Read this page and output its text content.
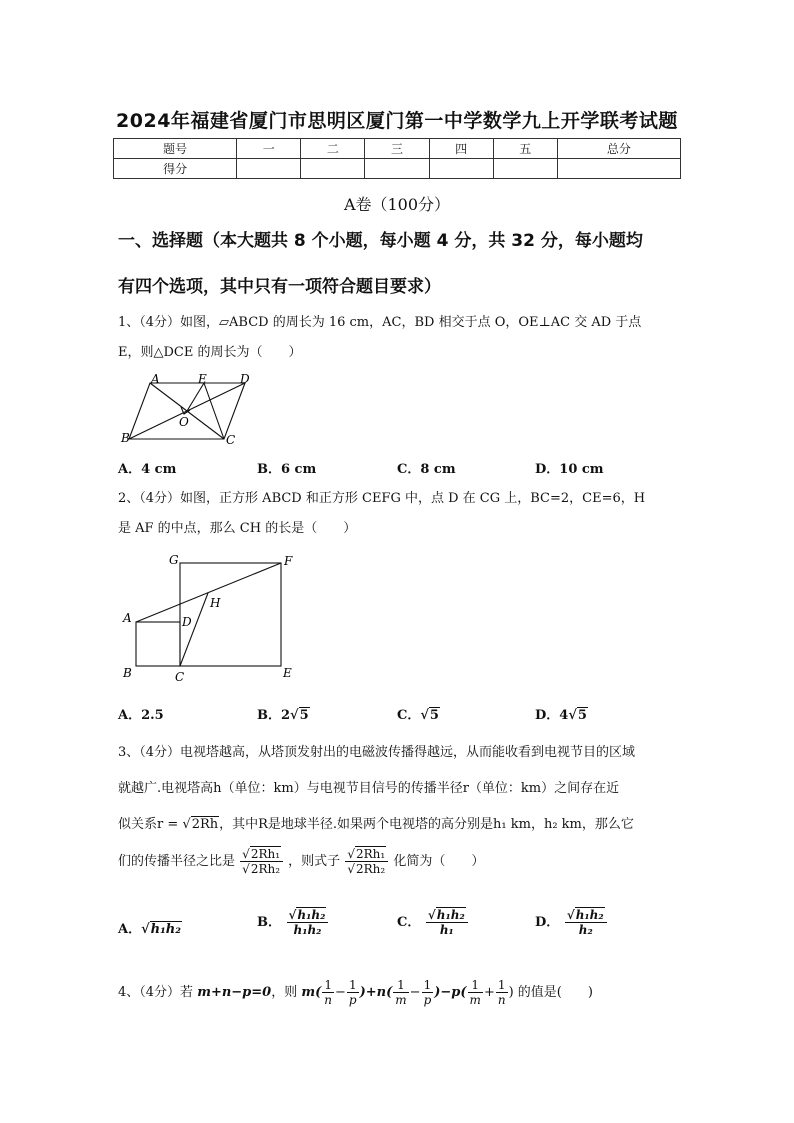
2024年福建省厦门市思明区厦门第一中学数学九上开学联考试题
题号	一	二	三	四	五	总分
得分						
A卷（100分）
一、选择题（本大题共 8 个小题，每小题 4 分，共 32 分，每小题均
有四个选项，其中只有一项符合题目要求）
1、（4分）如图，▱ABCD 的周长为 16 cm，AC，BD 相交于点 O，OE⊥AC 交 AD 于点
E，则△DCE 的周长为（　　）
A	E	D
B
O
C
A．4 cm	B．6 cm	C．8 cm	D．10 cm
2、（4分）如图，正方形 ABCD 和正方形 CEFG 中，点 D 在 CG 上，BC=2，CE=6，H
是 AF 的中点，那么 CH 的长是（　　）
G	F
H
A	D
B	C	E
A．2.5	B．2√5	C．√5	D．4√5
3、（4分）电视塔越高，从塔顶发射出的电磁波传播得越远，从而能收看到电视节目的区域
就越广.电视塔高h（单位：km）与电视节目信号的传播半径r（单位：km）之间存在近
似关系r = √2Rh，其中R是地球半径.如果两个电视塔的高分别是h₁ km，h₂ km，那么它
们的传播半径之比是 $\frac{\text{√2Rh₁}}{\text{√2Rh₂}}$ ，则式子 $\frac{\text{√2Rh₁}}{\text{√2Rh₂}}$ 化简为（　　）
A．√h₁h₂	B． $\frac{\text{√h₁h₂}}{\text{h₁h₂}}$	C． $\frac{\text{√h₁h₂}}{\text{h₁}}$	D． $\frac{\text{√h₁h₂}}{\text{h₂}}$
4、（4分）若 m+n−p=0，则 $m( \frac{1}{n} - \frac{1}{p} )+n( \frac{1}{m} - \frac{1}{p} )-p( \frac{1}{m} + \frac{1}{n}$ ) 的值是(　　)
